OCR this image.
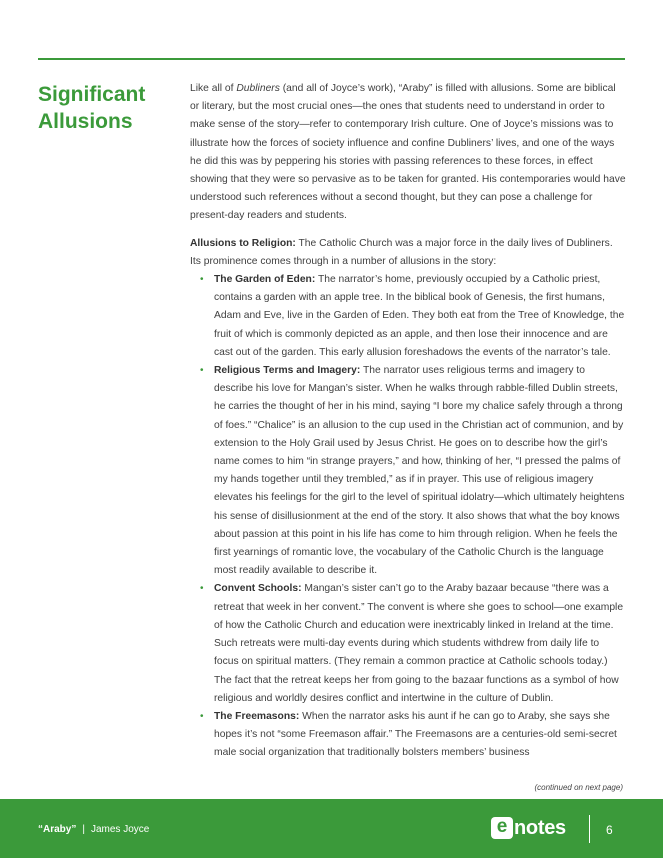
Significant
Allusions

Like all of Dubliners (and all of Joyce’s work), “Araby” is filled with allusions. Some are biblical or literary, but the most crucial ones—the ones that students need to understand in order to make sense of the story—refer to contemporary Irish culture. One of Joyce’s missions was to illustrate how the forces of society influence and confine Dubliners’ lives, and one of the ways he did this was by peppering his stories with passing references to these forces, in effect showing that they were so pervasive as to be taken for granted. His contemporaries would have understood such references without a second thought, but they can pose a challenge for present-day readers and students.

Allusions to Religion: The Catholic Church was a major force in the daily lives of Dubliners. Its prominence comes through in a number of allusions in the story:

• The Garden of Eden: The narrator’s home, previously occupied by a Catholic priest, contains a garden with an apple tree. In the biblical book of Genesis, the first humans, Adam and Eve, live in the Garden of Eden. They both eat from the Tree of Knowledge, the fruit of which is commonly depicted as an apple, and then lose their innocence and are cast out of the garden. This early allusion foreshadows the events of the narrator’s tale.
• Religious Terms and Imagery: The narrator uses religious terms and imagery to describe his love for Mangan’s sister. When he walks through rabble-filled Dublin streets, he carries the thought of her in his mind, saying “I bore my chalice safely through a throng of foes.” “Chalice” is an allusion to the cup used in the Christian act of communion, and by extension to the Holy Grail used by Jesus Christ. He goes on to describe how the girl’s name comes to him “in strange prayers,” and how, thinking of her, “I pressed the palms of my hands together until they trembled,” as if in prayer. This use of religious imagery elevates his feelings for the girl to the level of spiritual idolatry—which ultimately heightens his sense of disillusionment at the end of the story. It also shows that what the boy knows about passion at this point in his life has come to him through religion. When he feels the first yearnings of romantic love, the vocabulary of the Catholic Church is the language most readily available to describe it.
• Convent Schools: Mangan’s sister can’t go to the Araby bazaar because “there was a retreat that week in her convent.” The convent is where she goes to school—one example of how the Catholic Church and education were inextricably linked in Ireland at the time. Such retreats were multi-day events during which students withdrew from daily life to focus on spiritual matters. (They remain a common practice at Catholic schools today.) The fact that the retreat keeps her from going to the bazaar functions as a symbol of how religious and worldly desires conflict and intertwine in the culture of Dublin.
• The Freemasons: When the narrator asks his aunt if he can go to Araby, she says she hopes it’s not “some Freemason affair.” The Freemasons are a centuries-old semi-secret male social organization that traditionally bolsters members’ business

(continued on next page)

“Araby” | James Joyce	e notes	6
